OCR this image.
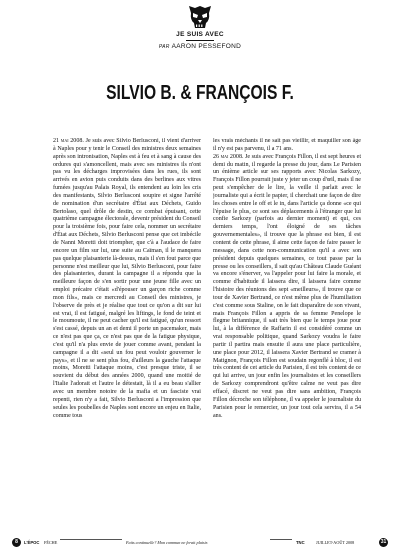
JE SUIS AVEC
PAR AARON PESSEFOND
SILVIO B. & FRANÇOIS F.

21 mai 2008. Je suis avec Silvio Berlusconi, il vient d'arriver à Naples pour y tenir le Conseil des ministres deux semaines après son intronisation, Naples est à feu et à sang à cause des ordures qui s'amoncellent, mais avec ses ministres ils n'ont pas vu les décharges improvisées dans les rues, ils sont arrivés en avion puis conduits dans des berlines aux vitres fumées jusqu'au Palais Royal, ils entendent au loin les cris des manifestants, Silvio Berlusconi soupire et signe l'arrêté de nomination d'un secrétaire d'État aux Déchets, Guido Bertolaso, quel drôle de destin, ce combat épuisant, cette quatrième campagne électorale, devenir président du Conseil pour la troisième fois, pour faire cela, nommer un secrétaire d'État aux Déchets, Silvio Berlusconi pense que cet imbécile de Nanni Moretti doit triompher, que c'à a l'audace de faire encore un film sur lui, une suite au Caïman, il le manquera pas quelque plaisanterie là-dessus, mais il s'en fout parce que personne n'est meilleur que lui, Silvio Berlusconi, pour faire des plaisanteries, durant la campagne il a répondu que la meilleure façon de s'en sortir pour une jeune fille avec un emploi précaire c'était «d'épouser un garçon riche comme mon fils», mais ce mercredi au Conseil des ministres, je l'observe de près et je réalise que tout ce qu'on a dit sur lui est vrai, il est fatigué, malgré les liftings, le fond de teint et le moumoute, il ne peut cacher qu'il est fatigué, qu'un ressort s'est cassé, depuis un an et demi il porte un pacemaker, mais ce n'est pas que ça, ce n'est pas que de la fatigue physique, c'est qu'il n'a plus envie de jouer comme avant, pendant la campagne il a dit «seul un fou peut vouloir gouverner le pays», et il ne se sent plus fou, d'ailleurs la gauche l'attaque moins, Moretti l'attaque moins, c'est presque triste, il se souvient du début des années 2000, quand une moitié de l'Italie l'adorait et l'autre le détestait, là il a eu beau s'allier avec un membre notoire de la mafia et un fasciste vrai repenti, rien n'y a fait, Silvio Berlusconi a l'impression que seules les poubelles de Naples sont encore un enjeu en Italie, comme tous

les vrais méchants il ne sait pas vieillir, et maquiller son âge il n'y est pas parvenu, il a 71 ans.

26 mai 2008. Je suis avec François Fillon, il est sept heures et demi du matin, il regarde la presse du jour, dans Le Parisien un énième article sur ses rapports avec Nicolas Sarkozy, François Fillon pourrait juste y jeter un coup d'œil, mais il ne peut s'empêcher de le lire, la veille il parlait avec le journaliste qui a écrit le papier, il cherchait une façon de dire les choses entre le off et le in, dans l'article ça donne «ce qui l'épuise le plus, ce sont ses déplacements à l'étranger que lui confie Sarkozy (parfois au dernier moment) et qui, ces derniers temps, l'ont éloigné de ses tâches gouvernementales», il trouve que la phrase est bien, il est content de cette phrase, il aime cette façon de faire passer le message, dans cette non-communication qu'il a avec son président depuis quelques semaines, ce tout passe par la presse ou les conseillers, il sait qu'au Château Claude Guéant va encore s'énerver, va l'appeler pour lui faire la morale, et comme d'habitude il laissera dire, il laissera faire comme l'histoire des réunions des sept «meilleurs», il trouve que ce tour de Xavier Bertrand, ce n'est même plus de l'humiliation c'est comme sous Staline, on le fait disparaître de son vivant, mais François Fillon a appris de sa femme Penelope le flegme britannique, il sait très bien que le temps joue pour lui, à la différence de Raffarin il est considéré comme un vrai responsable politique, quand Sarkozy voudra le faire partir il partira mais ensuite il aura une place particulière, une place pour 2012, il laissera Xavier Bertrand se cramer à Matignon, François Fillon est soudain regonflé à bloc, il est très content de cet article du Parisien, il est très content de ce qui lui arrive, un jour enfin les journalistes et les conseillers de Sarkozy comprendront qu'être calme ne veut pas dire effacé, discret ne veut pas dire sans ambition, François Fillon décroche son téléphone, il va appeler le journaliste du Parisien pour le remercier, un jour tout cela servira, il a 54 ans.

8	L'ÉPOC FÉCHE	Faits continuelle? Mon commun ne ferait plaisir.	TNC	JUILLET-AOÛT 2008	31
